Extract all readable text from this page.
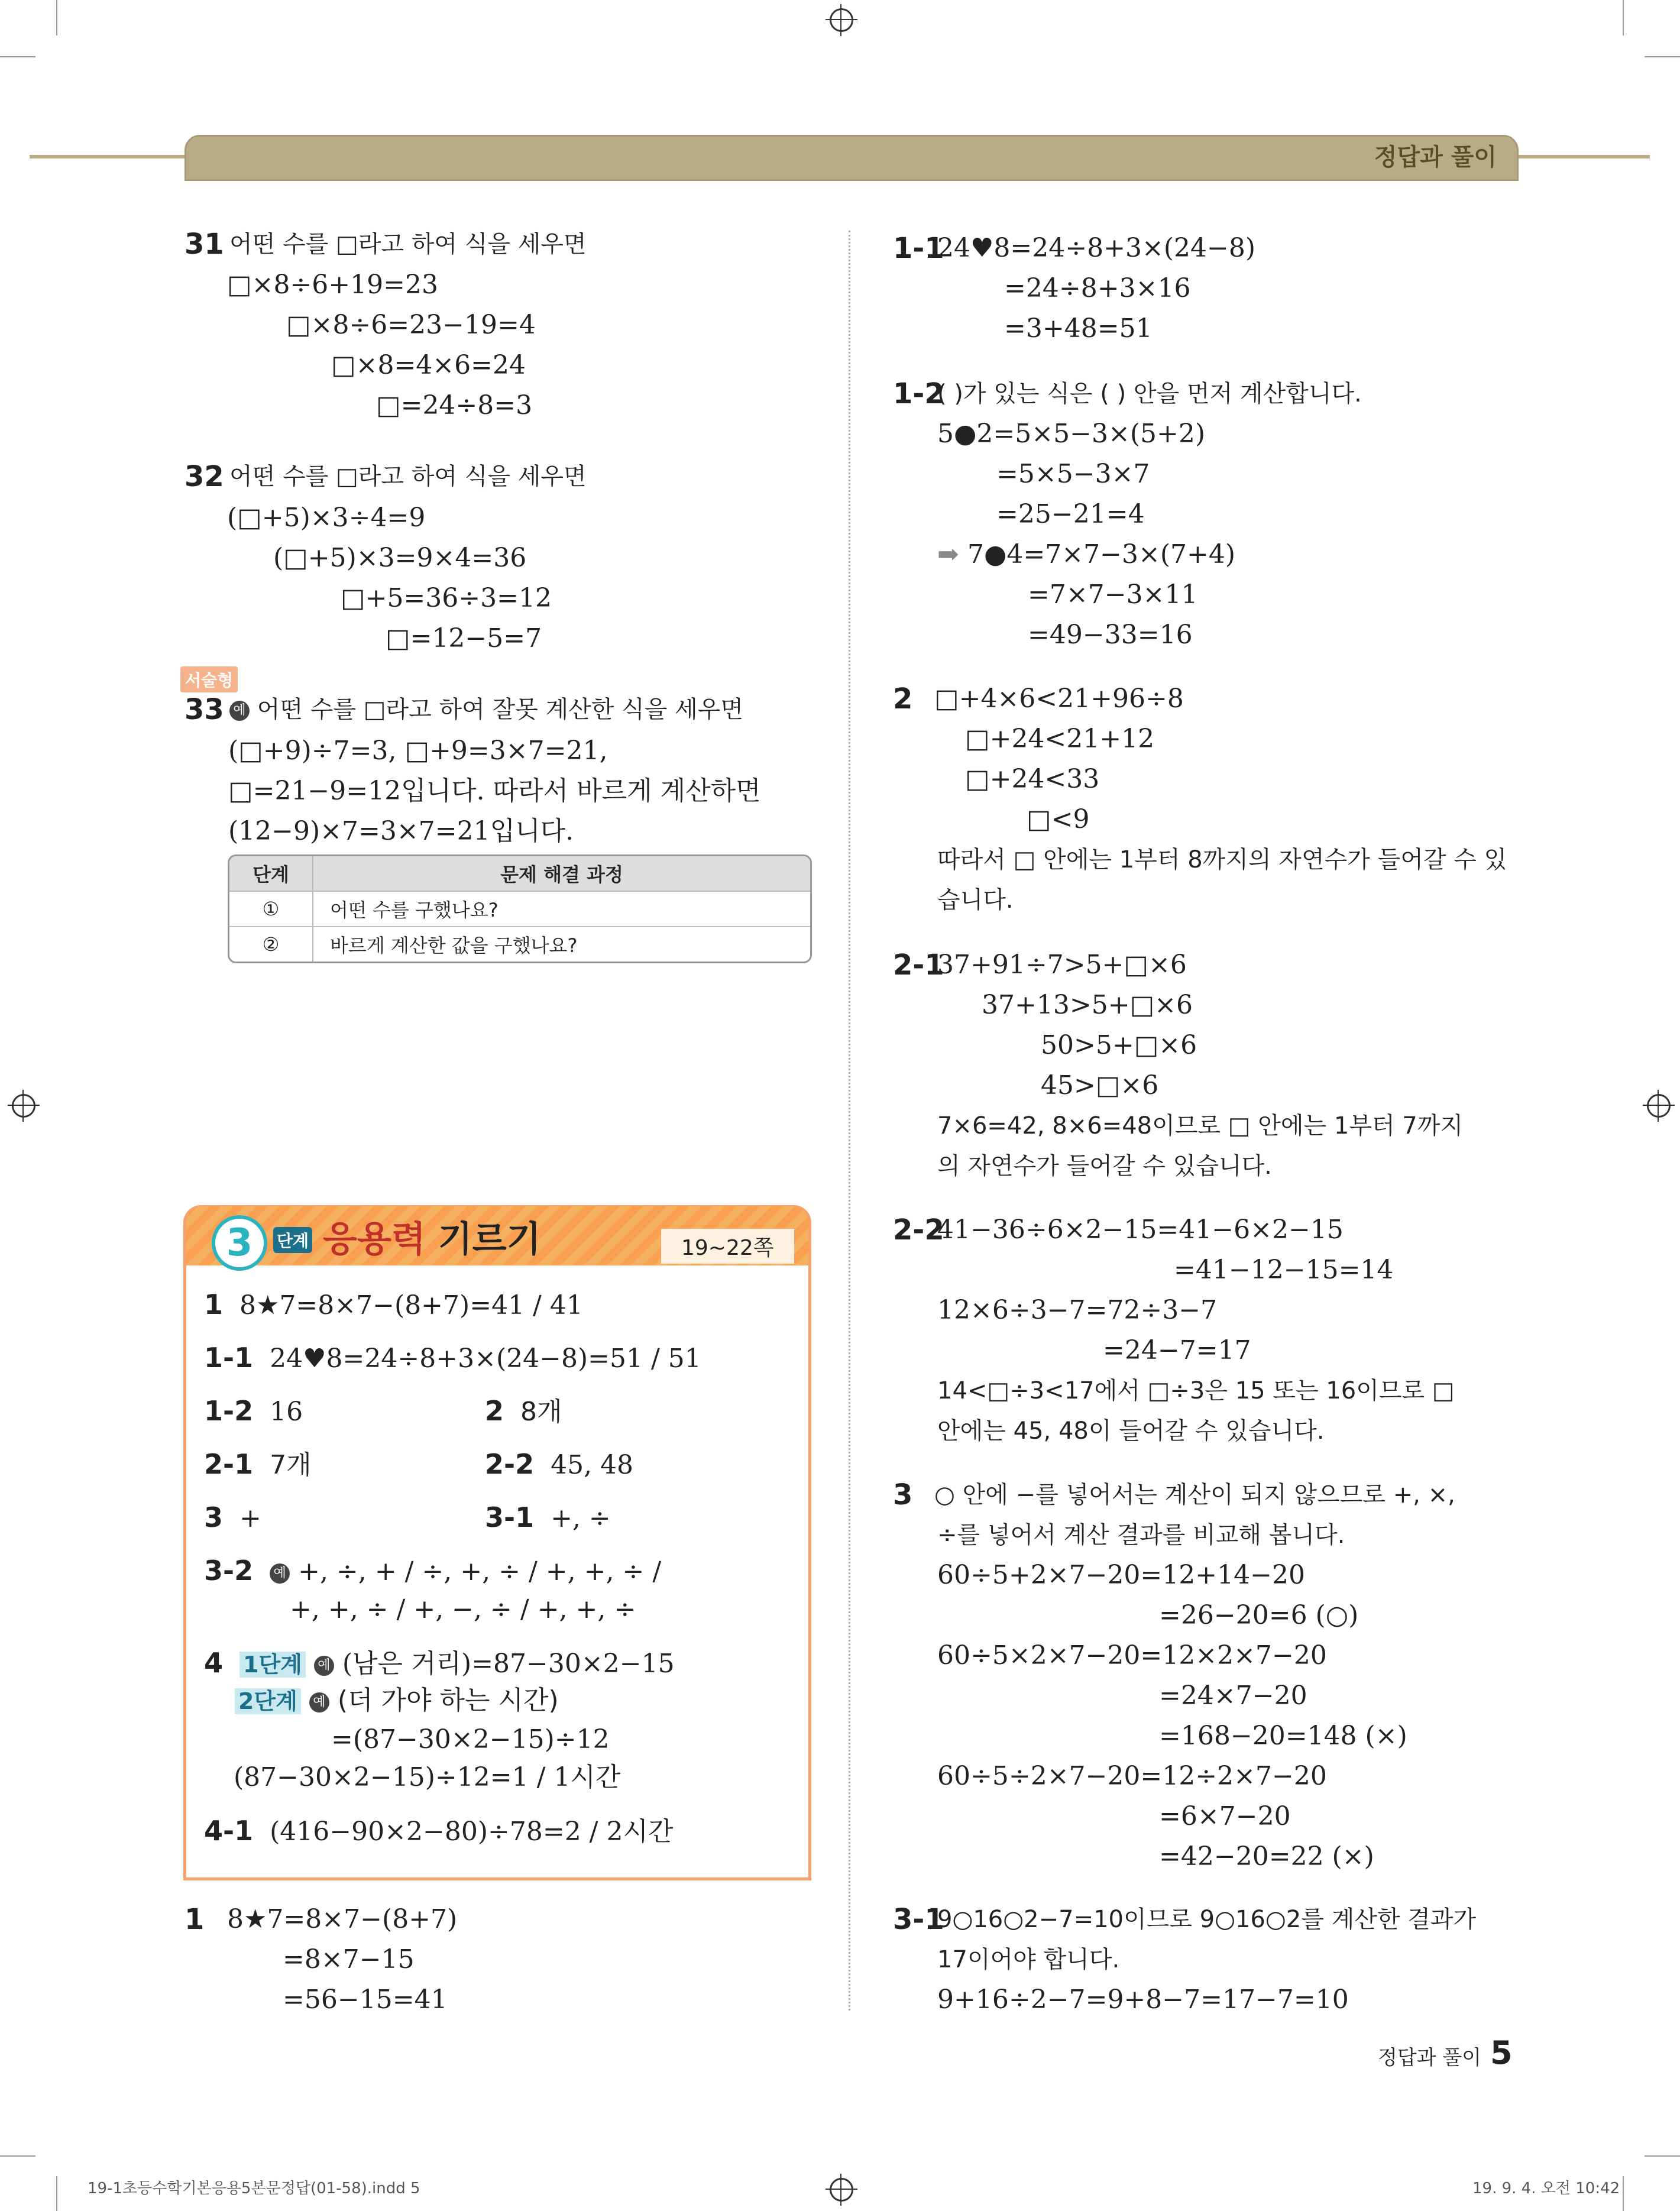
정답과 풀이
31 어떤 수를 □라고 하여 식을 세우면
□×8÷6+19=23
□×8÷6=23−19=4
□×8=4×6=24
□=24÷8=3
32 어떤 수를 □라고 하여 식을 세우면
(□+5)×3÷4=9
(□+5)×3=9×4=36
□+5=36÷3=12
□=12−5=7
서술형
33 예 어떤 수를 □라고 하여 잘못 계산한 식을 세우면
(□+9)÷7=3, □+9=3×7=21,
□=21−9=12입니다. 따라서 바르게 계산하면
(12−9)×7=3×7=21입니다.
단계	문제 해결 과정
①	어떤 수를 구했나요?
②	바르게 계산한 값을 구했나요?
3	단계 응용력 기르기	19~22쪽
1 8★7=8×7−(8+7)=41 / 41
1-1 24♥8=24÷8+3×(24−8)=51 / 51
1-2 16	2 8개
2-1 7개	2-2 45, 48
3 +	3-1 +, ÷
3-2 예 +, ÷, + / ÷, +, ÷ / +, +, ÷ /
+, +, ÷ / +, −, ÷ / +, +, ÷
4 1단계 예 (남은 거리)=87−30×2−15
2단계 예 (더 가야 하는 시간)
=(87−30×2−15)÷12
(87−30×2−15)÷12=1 / 1시간
4-1 (416−90×2−80)÷78=2 / 2시간
1 8★7=8×7−(8+7)
=8×7−15
=56−15=41
1-1
24♥8=24÷8+3×(24−8)
=24÷8+3×16
=3+48=51
1-2
( )가 있는 식은 ( ) 안을 먼저 계산합니다.
5●2=5×5−3×(5+2)
=5×5−3×7
=25−21=4
➡ 7●4=7×7−3×(7+4)
=7×7−3×11
=49−33=16
2 □+4×6<21+96÷8
□+24<21+12
□+24<33
□<9
따라서 □ 안에는 1부터 8까지의 자연수가 들어갈 수 있
습니다.
2-1
37+91÷7>5+□×6
37+13>5+□×6
50>5+□×6
45>□×6
7×6=42, 8×6=48이므로 □ 안에는 1부터 7까지
의 자연수가 들어갈 수 있습니다.
2-2
41−36÷6×2−15=41−6×2−15
=41−12−15=14
12×6÷3−7=72÷3−7
=24−7=17
14<□÷3<17에서 □÷3은 15 또는 16이므로 □
안에는 45, 48이 들어갈 수 있습니다.
3 ○ 안에 −를 넣어서는 계산이 되지 않으므로 +, ×,
÷를 넣어서 계산 결과를 비교해 봅니다.
60÷5+2×7−20=12+14−20
=26−20=6 (○)
60÷5×2×7−20=12×2×7−20
=24×7−20
=168−20=148 (×)
60÷5÷2×7−20=12÷2×7−20
=6×7−20
=42−20=22 (×)
3-1
9○16○2−7=10이므로 9○16○2를 계산한 결과가
17이어야 합니다.
9+16÷2−7=9+8−7=17−7=10
정답과 풀이 5
19-1초등수학기본응용5본문정답(01-58).indd 5	19. 9. 4. 오전 10:42
